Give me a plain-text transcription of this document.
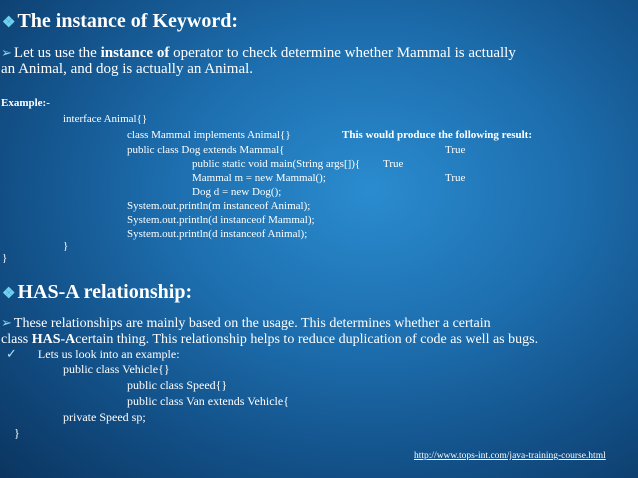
❖ The instance of Keyword:
➢ Let us use the instance of operator to check determine whether Mammal is actually
an Animal, and dog is actually an Animal.
Example:-
interface Animal{}
class Mammal implements Animal{}
public class Dog extends Mammal{
public static void main(String args[]){
Mammal m = new Mammal();
Dog d = new Dog();
System.out.println(m instanceof Animal);
System.out.println(d instanceof Mammal);
System.out.println(d instanceof Animal);
}
}
This would produce the following result:
True
True
True
❖ HAS-A relationship:
➢ These relationships are mainly based on the usage. This determines whether a certain
class HAS-Acertain thing. This relationship helps to reduce duplication of code as well as bugs.
✓ Lets us look into an example:
public class Vehicle{}
public class Speed{}
public class Van extends Vehicle{
private Speed sp;
}
http://www.tops-int.com/java-training-course.html
